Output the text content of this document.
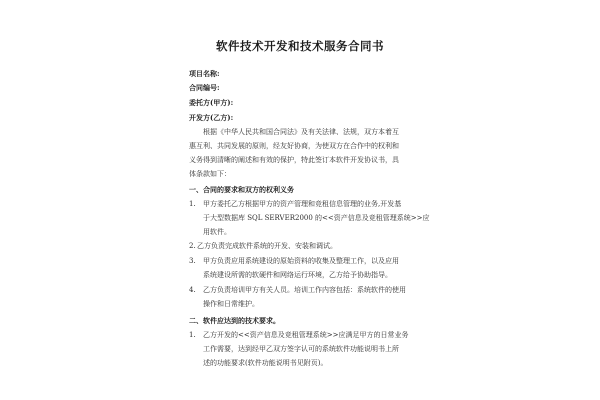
软件技术开发和技术服务合同书
项目名称:
合同编号:
委托方(甲方):
开发方(乙方):
根据《中华人民共和国合同法》及有关法律、法规，双方本着互
惠互利、共同发展的原则，经友好协商，为使双方在合作中的权利和
义务得到清晰的阐述和有效的保护，特此签订本软件开发协议书，具
体条款如下：
一、合同的要求和双方的权利义务
1. 甲方委托乙方根据甲方的资产管理和竞租信息管理的业务,开发基
于大型数据库 SQL SERVER2000 的<<资产信息及竞租管理系统>>应
用软件。
2. 乙方负责完成软件系统的开发、安装和调试。
3. 甲方负责应用系统建设的原始资料的收集及整理工作，以及应用
系统建设所需的软硬件和网络运行环境，乙方给予协助指导。
4. 乙方负责培训甲方有关人员。培训工作内容包括：系统软件的使用
操作和日常维护。
二、软件应达到的技术要求。
1. 乙方开发的<<资产信息及竞租管理系统>>应满足甲方的日常业务
工作需要，达到经甲乙双方签字认可的系统软件功能说明书上所
述的功能要求(软件功能说明书见附页)。
